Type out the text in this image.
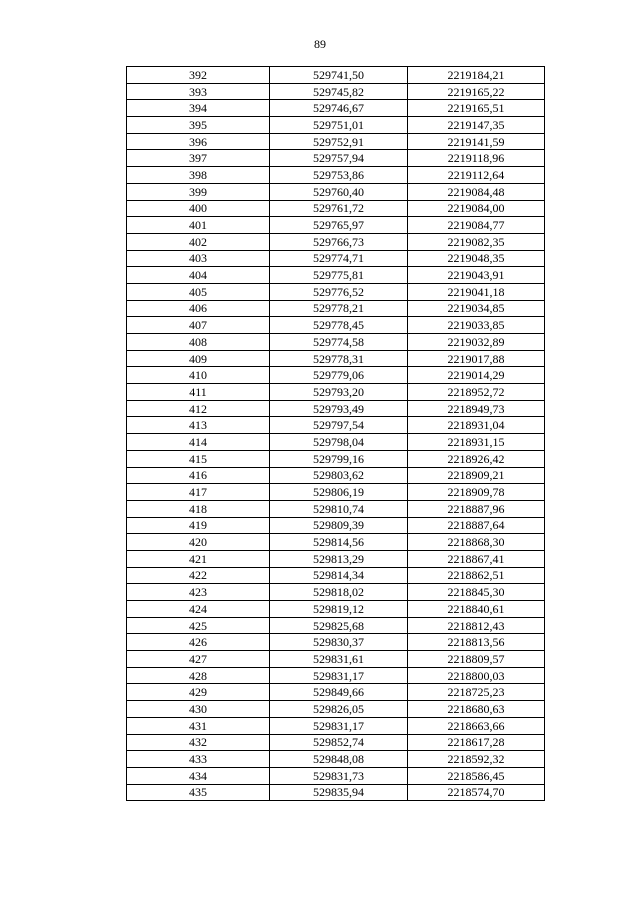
89
392	529741,50	2219184,21
393	529745,82	2219165,22
394	529746,67	2219165,51
395	529751,01	2219147,35
396	529752,91	2219141,59
397	529757,94	2219118,96
398	529753,86	2219112,64
399	529760,40	2219084,48
400	529761,72	2219084,00
401	529765,97	2219084,77
402	529766,73	2219082,35
403	529774,71	2219048,35
404	529775,81	2219043,91
405	529776,52	2219041,18
406	529778,21	2219034,85
407	529778,45	2219033,85
408	529774,58	2219032,89
409	529778,31	2219017,88
410	529779,06	2219014,29
411	529793,20	2218952,72
412	529793,49	2218949,73
413	529797,54	2218931,04
414	529798,04	2218931,15
415	529799,16	2218926,42
416	529803,62	2218909,21
417	529806,19	2218909,78
418	529810,74	2218887,96
419	529809,39	2218887,64
420	529814,56	2218868,30
421	529813,29	2218867,41
422	529814,34	2218862,51
423	529818,02	2218845,30
424	529819,12	2218840,61
425	529825,68	2218812,43
426	529830,37	2218813,56
427	529831,61	2218809,57
428	529831,17	2218800,03
429	529849,66	2218725,23
430	529826,05	2218680,63
431	529831,17	2218663,66
432	529852,74	2218617,28
433	529848,08	2218592,32
434	529831,73	2218586,45
435	529835,94	2218574,70
